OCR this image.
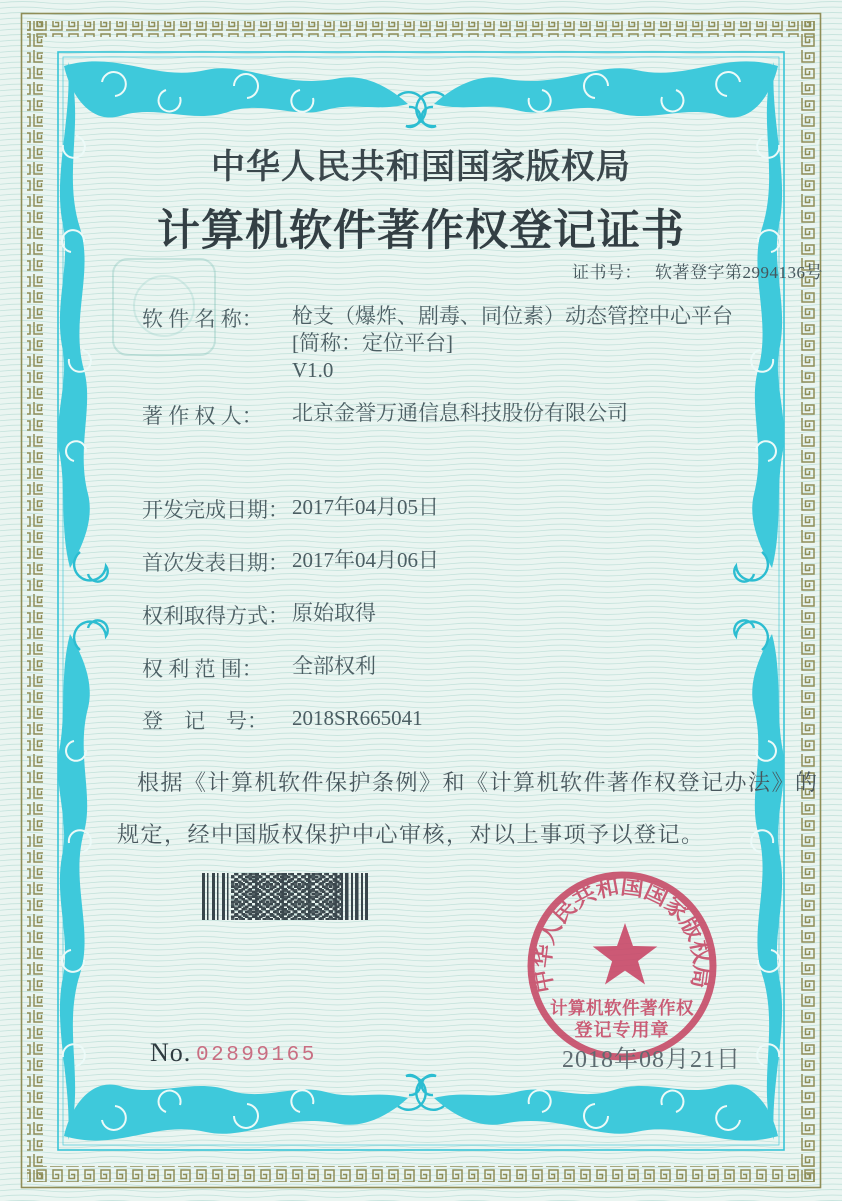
中华人民共和国国家版权局
计算机软件著作权登记证书
证书号： 软著登字第2994136号
软 件 名 称： 枪支（爆炸、剧毒、同位素）动态管控中心平台
[简称：定位平台]
V1.0
著 作 权 人： 北京金誉万通信息科技股份有限公司
开发完成日期： 2017年04月05日
首次发表日期： 2017年04月06日
权利取得方式： 原始取得
权 利 范 围： 全部权利
登　记　号： 2018SR665041
根据《计算机软件保护条例》和《计算机软件著作权登记办法》的
规定，经中国版权保护中心审核，对以上事项予以登记。
中华人民共和国国家版权局
计算机软件著作权
登记专用章
2018年08月21日
No. 02899165
